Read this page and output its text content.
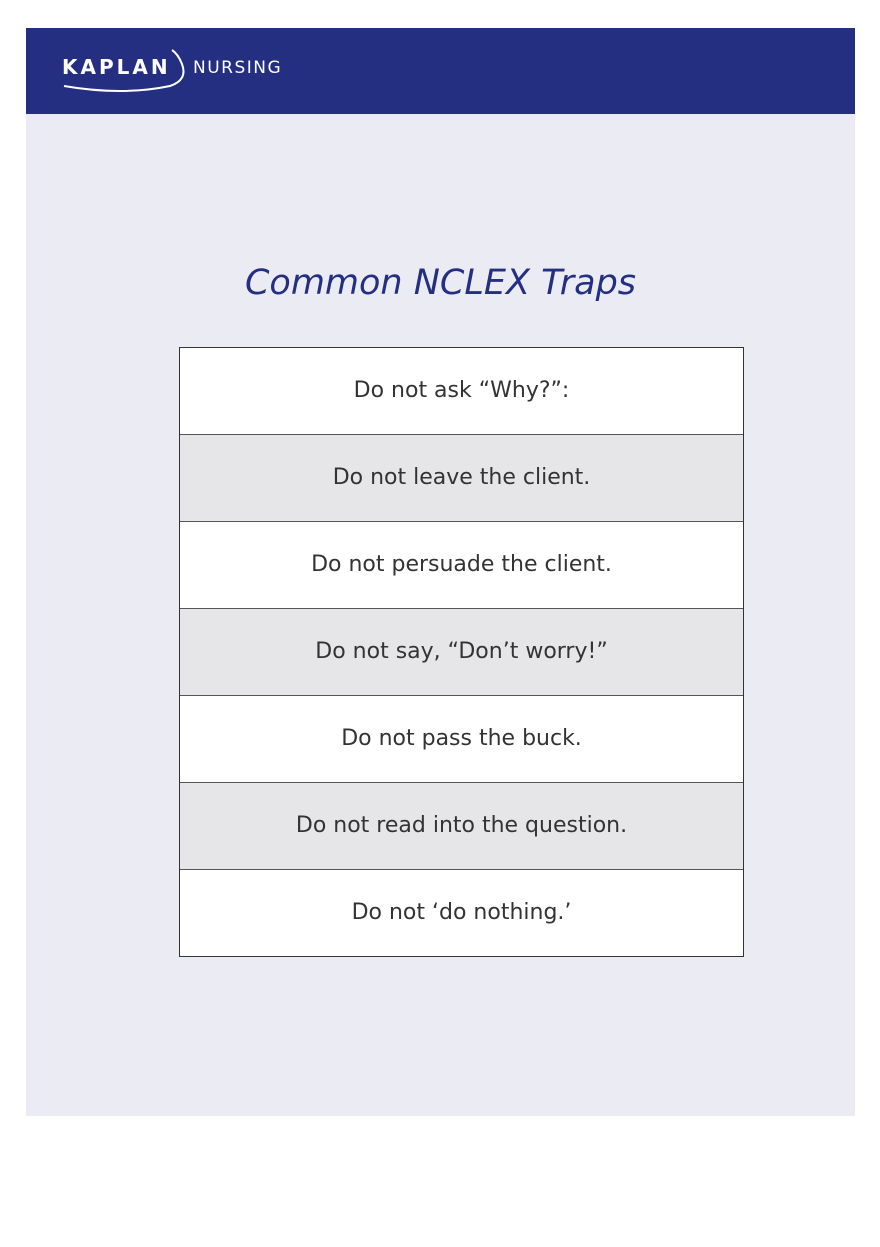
KAPLAN NURSING
Common NCLEX Traps
Do not ask “Why?”:
Do not leave the client.
Do not persuade the client.
Do not say, “Don’t worry!”
Do not pass the buck.
Do not read into the question.
Do not ‘do nothing.’
